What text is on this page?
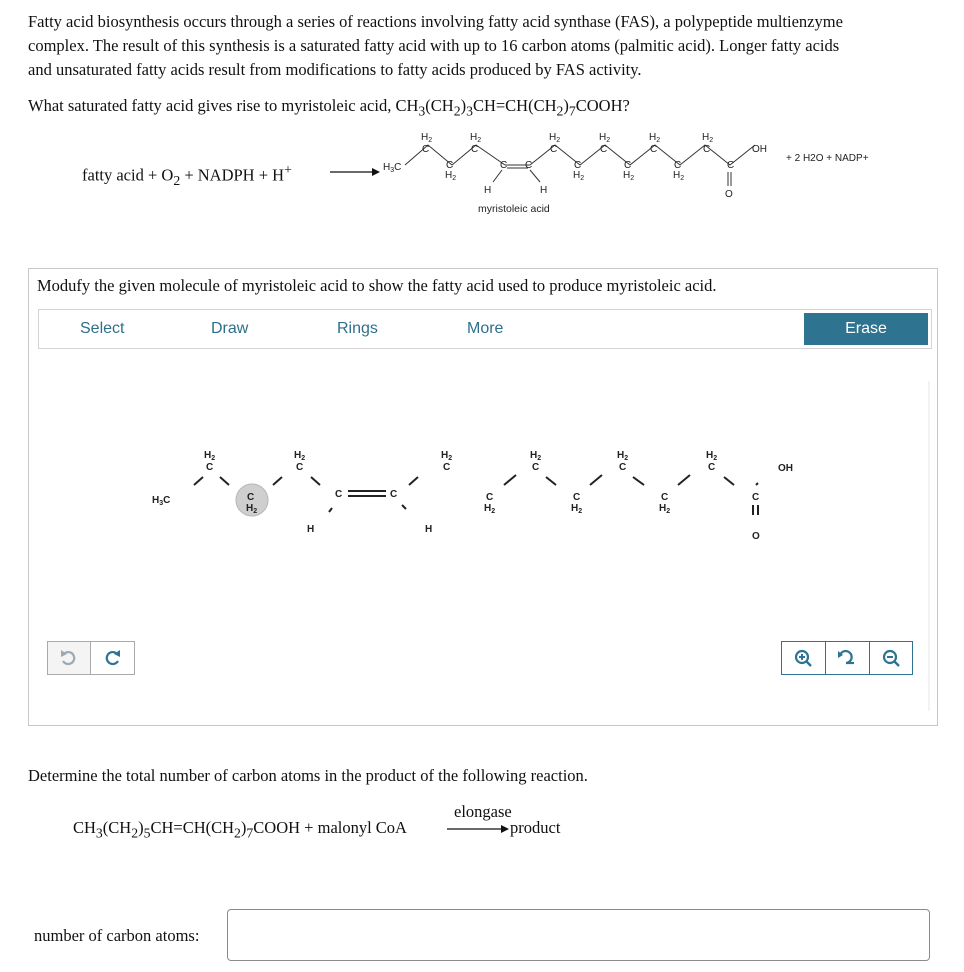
Fatty acid biosynthesis occurs through a series of reactions involving fatty acid synthase (FAS), a polypeptide multienzyme
complex. The result of this synthesis is a saturated fatty acid with up to 16 carbon atoms (palmitic acid). Longer fatty acids
and unsaturated fatty acids result from modifications to fatty acids produced by FAS activity.
What saturated fatty acid gives rise to myristoleic acid, $CH_3(CH_2)_3CH=CH(CH_2)_7COOH$?
fatty acid + $O_2$ + NADPH + H+	$H_3C$
$H_2$
C
C
$H_2$
$H_2$
C
C C
H	H
$H_2$
C
C
$H_2$
$H_2$
C
C
$H_2$
$H_2$
C
C
$H_2$
$H_2$
C
C
OH
O
myristoleic acid
+ 2 H2O + NADP+
Modufy the given molecule of myristoleic acid to show the fatty acid used to produce myristoleic acid.
Select	Draw	Rings	More	Erase
$H_3C$
$H_2$
C
C
$H_2$
$H_2$
C
C	C
H	H
$H_2$
C
C
$H_2$
$H_2$
C
C
$H_2$
$H_2$
C
C
$H_2$
$H_2$
C
C
OH
O
Determine the total number of carbon atoms in the product of the following reaction.
$CH_3(CH_2)_5CH=CH(CH_2)_7COOH$ + malonyl CoA
elongase
product
number of carbon atoms:
